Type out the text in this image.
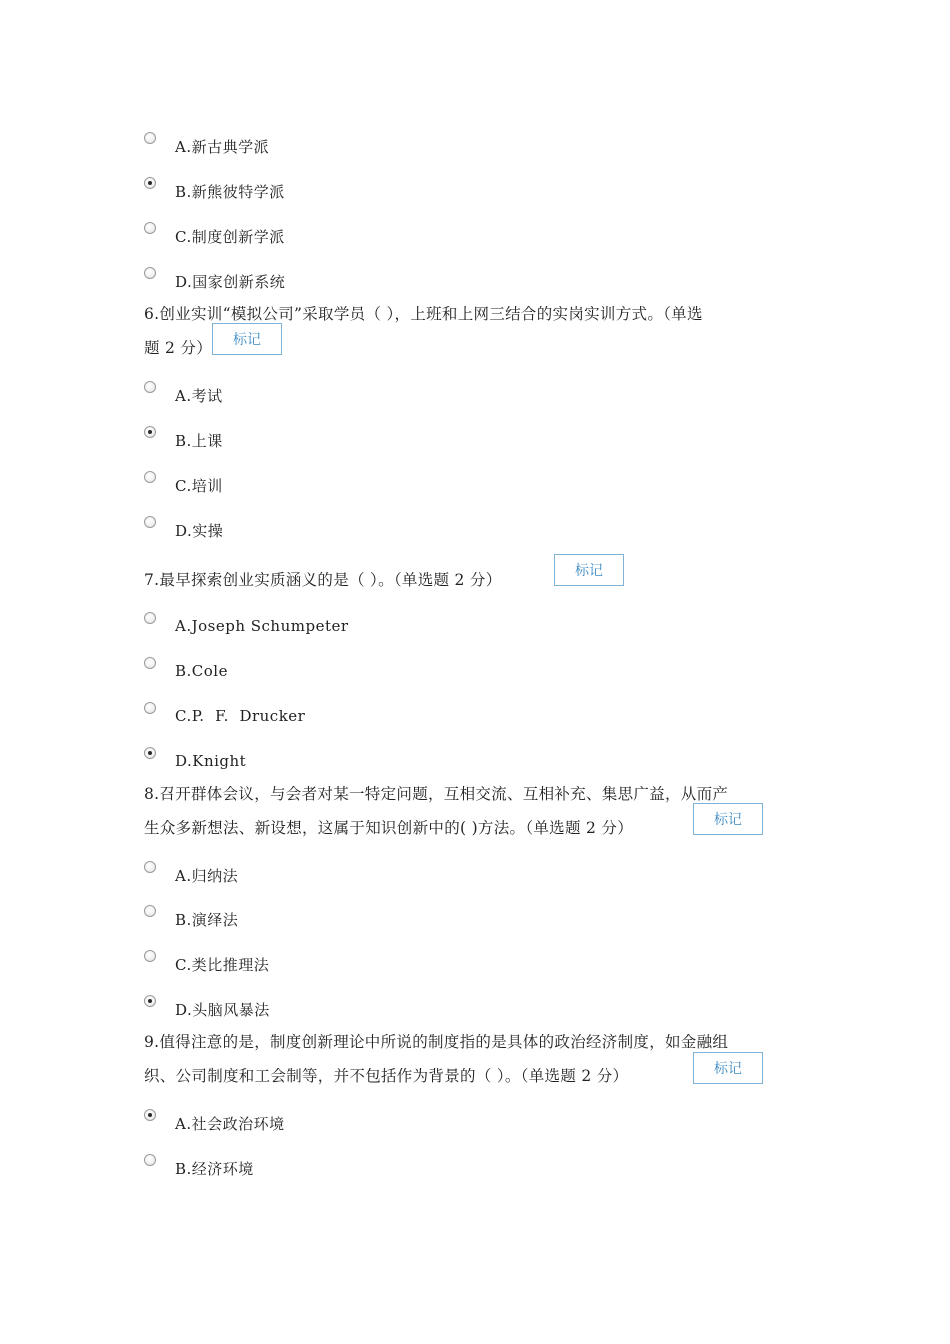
A.新古典学派
B.新熊彼特学派
C.制度创新学派
D.国家创新系统
6.创业实训“模拟公司”采取学员（ ），上班和上网三结合的实岗实训方式。（单选
题 2 分）	标记
A.考试
B.上课
C.培训
D.实操
7.最早探索创业实质涵义的是（ ）。（单选题 2 分）	标记
A.Joseph Schumpeter
B.Cole
C.P.  F.  Drucker
D.Knight
8.召开群体会议，与会者对某一特定问题，互相交流、互相补充、集思广益，从而产
生众多新想法、新设想，这属于知识创新中的( )方法。（单选题 2 分）	标记
A.归纳法
B.演绎法
C.类比推理法
D.头脑风暴法
9.值得注意的是，制度创新理论中所说的制度指的是具体的政治经济制度，如金融组
织、公司制度和工会制等，并不包括作为背景的（ ）。（单选题 2 分）	标记
A.社会政治环境
B.经济环境
